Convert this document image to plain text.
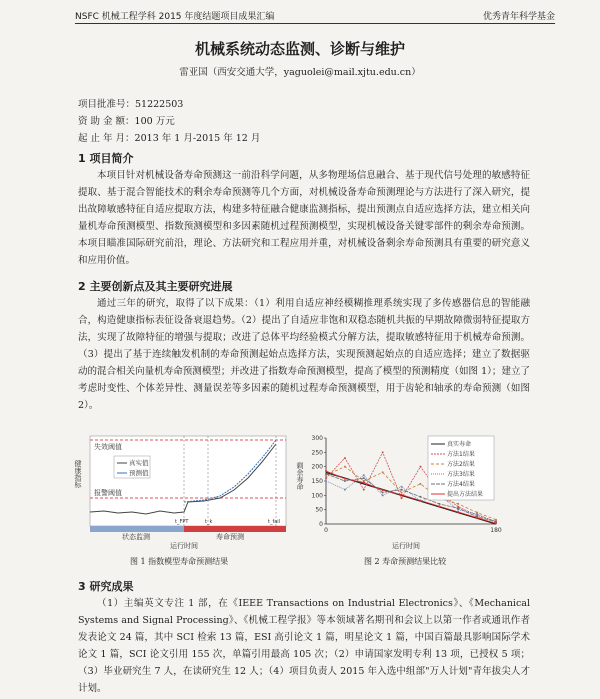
NSFC 机械工程学科 2015 年度结题项目成果汇编	优秀青年科学基金
机械系统动态监测、诊断与维护
雷亚国（西安交通大学，yaguolei@mail.xjtu.edu.cn）
项目批准号：51222503
资 助 金 额：100 万元
起 止 年 月：2013 年 1 月-2015 年 12 月
1 项目简介

本项目针对机械设备寿命预测这一前沿科学问题，从多物理场信息融合、基于现代信号处理的敏感特征提取、基于混合智能技术的剩余寿命预测等几个方面，对机械设备寿命预测理论与方法进行了深入研究，提出故障敏感特征自适应提取方法，构建多特征融合健康监测指标，提出预测点自适应选择方法，建立相关向量机寿命预测模型、指数预测模型和多因素随机过程预测模型，实现机械设备关键零部件的剩余寿命预测。本项目瞄准国际研究前沿，理论、方法研究和工程应用并重，对机械设备剩余寿命预测具有重要的研究意义和应用价值。

2 主要创新点及其主要研究进展

通过三年的研究，取得了以下成果：（1）利用自适应神经模糊推理系统实现了多传感器信息的智能融合，构造健康指标表征设备衰退趋势。（2）提出了自适应非饱和双稳态随机共振的早期故障微弱特征提取方法，实现了故障特征的增强与提取；改进了总体平均经验模式分解方法，提取敏感特征用于机械寿命预测。（3）提出了基于连续触发机制的寿命预测起始点选择方法，实现预测起始点的自适应选择；建立了数据驱动的混合相关向量机寿命预测模型；并改进了指数寿命预测模型，提高了模型的预测精度（如图 1）；建立了考虑时变性、个体差异性、测量误差等多因素的随机过程寿命预测模型，用于齿轮和轴承的寿命预测（如图 2）。

失效阈值
报警阈值
健康指标	真实值
预测值
t_FPT	t_k	t_fail
状态监测	寿命预测
运行时间
图 1 指数模型寿命预测结果
0
50
100
150
200
250
300
0	180
真实寿命
方法1结果
方法2结果
方法3结果
方法4结果
提出方法结果
剩余寿命
运行时间
图 2 寿命预测结果比较
3 研究成果

（1）主编英文专注 1 部，在《IEEE Transactions on Industrial Electronics》、《Mechanical Systems and Signal Processing》、《机械工程学报》等本领域著名期刊和会议上以第一作者或通讯作者发表论文 24 篇，其中 SCI 检索 13 篇，ESI 高引论文 1 篇，明星论文 1 篇，中国百篇最具影响国际学术论文 1 篇，SCI 论文引用 155 次，单篇引用最高 105 次；（2）申请国家发明专利 13 项，已授权 5 项；（3）毕业研究生 7 人，在读研究生 12 人；（4）项目负责人 2015 年入选中组部"万人计划"青年拔尖人才计划。
